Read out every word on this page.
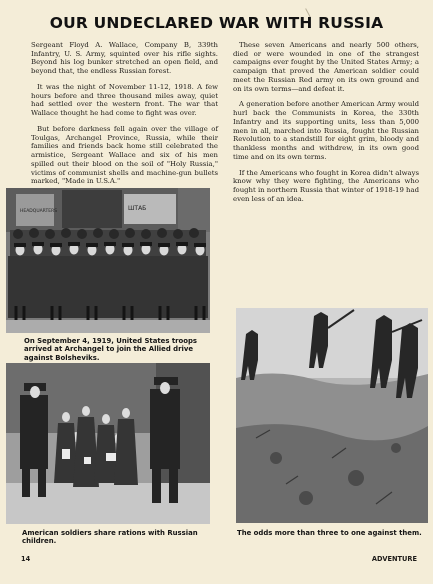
OUR UNDECLARED WAR WITH RUSSIA

Sergeant Floyd A. Wallace, Company B, 339th Infantry, U. S. Army, squinted over his rifle sights. Beyond his log bunker stretched an open field, and beyond that, the endless Russian forest.

It was the night of November 11-12, 1918. A few hours before and three thousand miles away, quiet had settled over the western front. The war that Wallace thought he had come to fight was over.

But before darkness fell again over the village of Toulgas, Archangel Province, Russia, while their families and friends back home still celebrated the armistice, Sergeant Wallace and six of his men spilled out their blood on the soil of "Holy Russia," victims of communist shells and machine-gun bullets marked, "Made in U.S.A."

These seven Americans and nearly 500 others, died or were wounded in one of the strangest campaigns ever fought by the United States Army; a campaign that proved the American soldier could meet the Russian Red army on its own ground and on its own terms—and defeat it.

A generation before another American Army would hurl back the Communists in Korea, the 330th Infantry and its supporting units, less than 5,000 men in all, marched into Russia, fought the Russian Revolution to a standstill for eight grim, bloody and thankless months and withdrew, in its own good time and on its own terms.

If the Americans who fought in Korea didn't always know why they were fighting, the Americans who fought in northern Russia that winter of 1918-19 had even less of an idea.

HEADQUARTERS	ШТАБ
On September 4, 1919, United States troops arrived at Archangel to join the Allied drive against Bolsheviks.
American soldiers share rations with Russian children.
The odds more than three to one against them.
14	ADVENTURE
